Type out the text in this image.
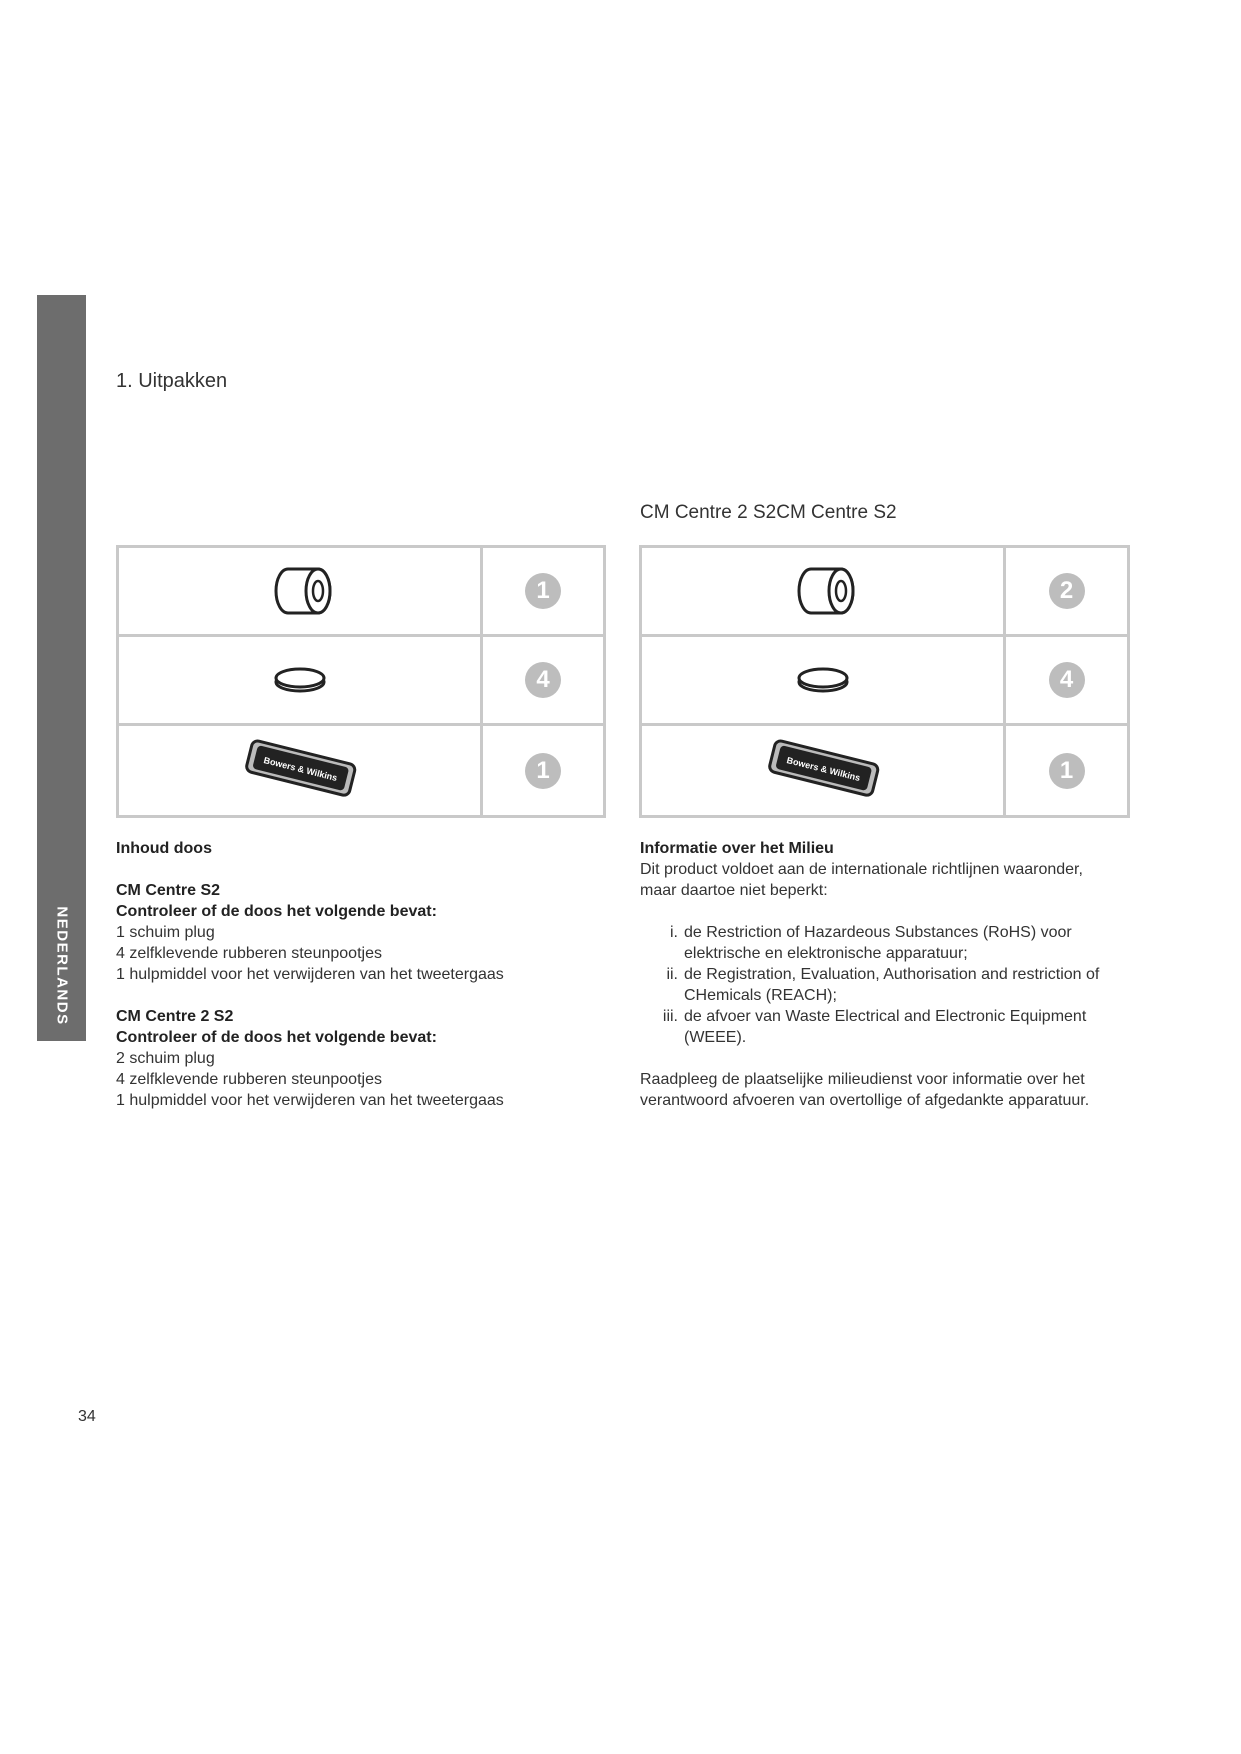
NEDERLANDS
1. Uitpakken
CM Centre 2 S2CM Centre S2
1
4
Bowers & Wilkins	1
2
4
Bowers & Wilkins	1
Inhoud doos
CM Centre S2
Controleer of de doos het volgende bevat:
1 schuim plug
4 zelfklevende rubberen steunpootjes
1 hulpmiddel voor het verwijderen van het tweetergaas
CM Centre 2 S2
Controleer of de doos het volgende bevat:
2 schuim plug
4 zelfklevende rubberen steunpootjes
1 hulpmiddel voor het verwijderen van het tweetergaas
Informatie over het Milieu
Dit product voldoet aan de internationale richtlijnen waaronder, maar daartoe niet beperkt:
i. de Restriction of Hazardeous Substances (RoHS) voor elektrische en elektronische apparatuur;
ii. de Registration, Evaluation, Authorisation and restriction of CHemicals (REACH);
iii. de afvoer van Waste Electrical and Electronic Equipment (WEEE).
Raadpleeg de plaatselijke milieudienst voor informatie over het verantwoord afvoeren van overtollige of afgedankte apparatuur.
34
